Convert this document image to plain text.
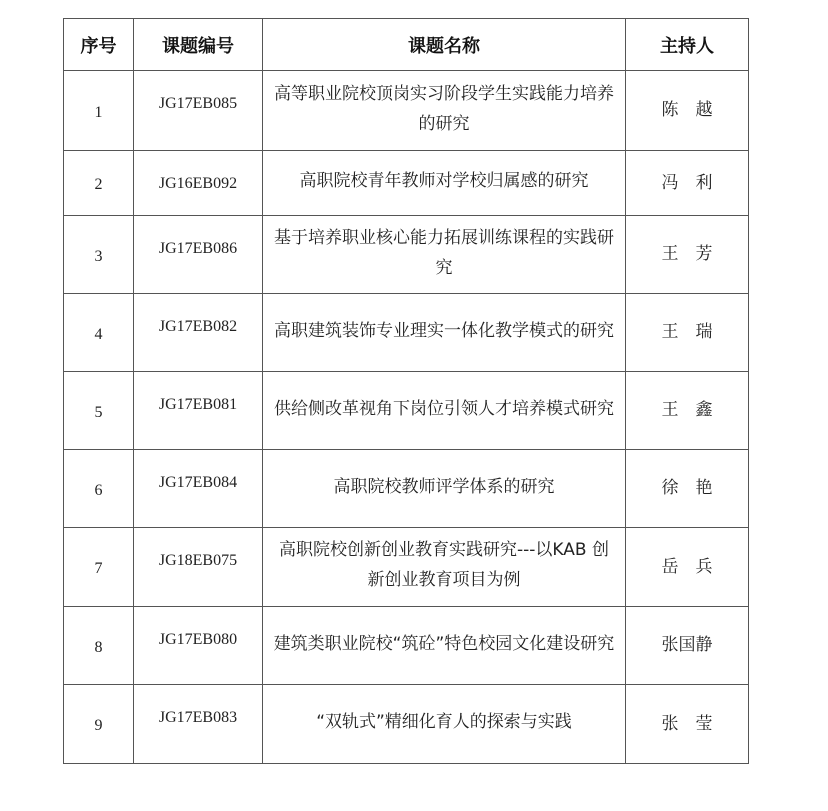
序号	课题编号	课题名称	主持人
1	JG17EB085	高等职业院校顶岗实习阶段学生实践能力培养的研究	陈　越
2	JG16EB092	高职院校青年教师对学校归属感的研究	冯　利
3	JG17EB086	基于培养职业核心能力拓展训练课程的实践研究	王　芳
4	JG17EB082	高职建筑装饰专业理实一体化教学模式的研究	王　瑞
5	JG17EB081	供给侧改革视角下岗位引领人才培养模式研究	王　鑫
6	JG17EB084	高职院校教师评学体系的研究	徐　艳
7	JG18EB075	高职院校创新创业教育实践研究---以KAB 创新创业教育项目为例	岳　兵
8	JG17EB080	建筑类职业院校“筑砼”特色校园文化建设研究	张国静
9	JG17EB083	“双轨式”精细化育人的探索与实践	张　莹
